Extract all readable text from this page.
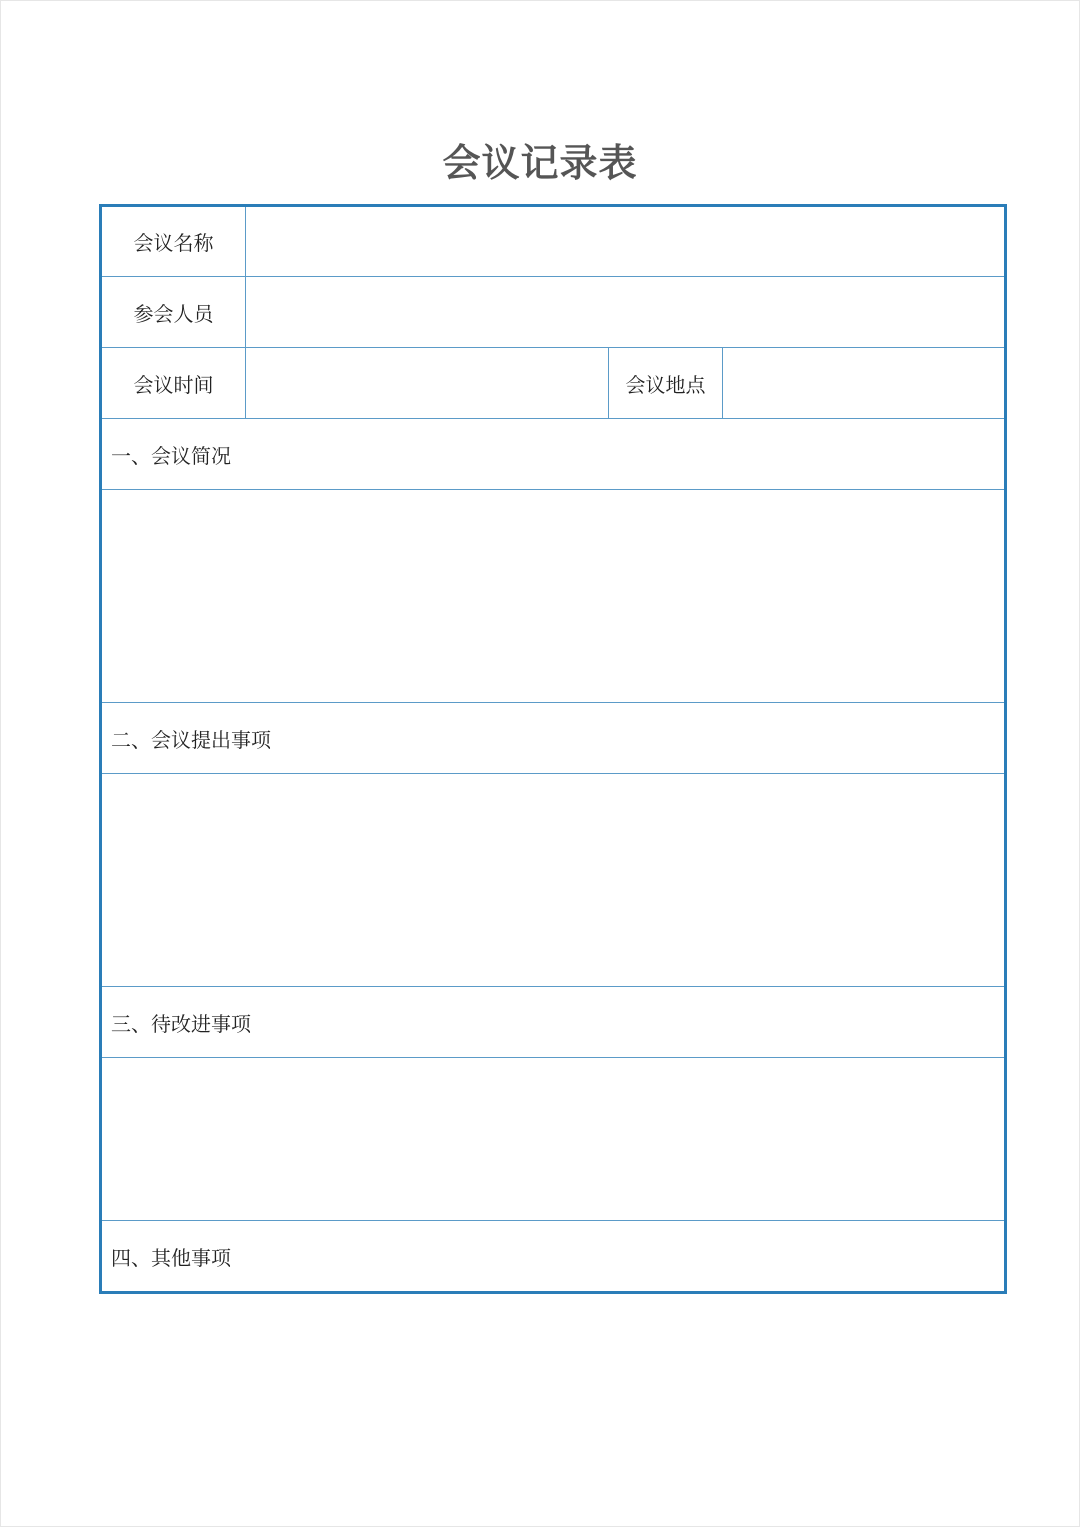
会议记录表
会议名称			
参会人员			
会议时间		会议地点	
一、会议简况			

二、会议提出事项			

三、待改进事项			

四、其他事项			
